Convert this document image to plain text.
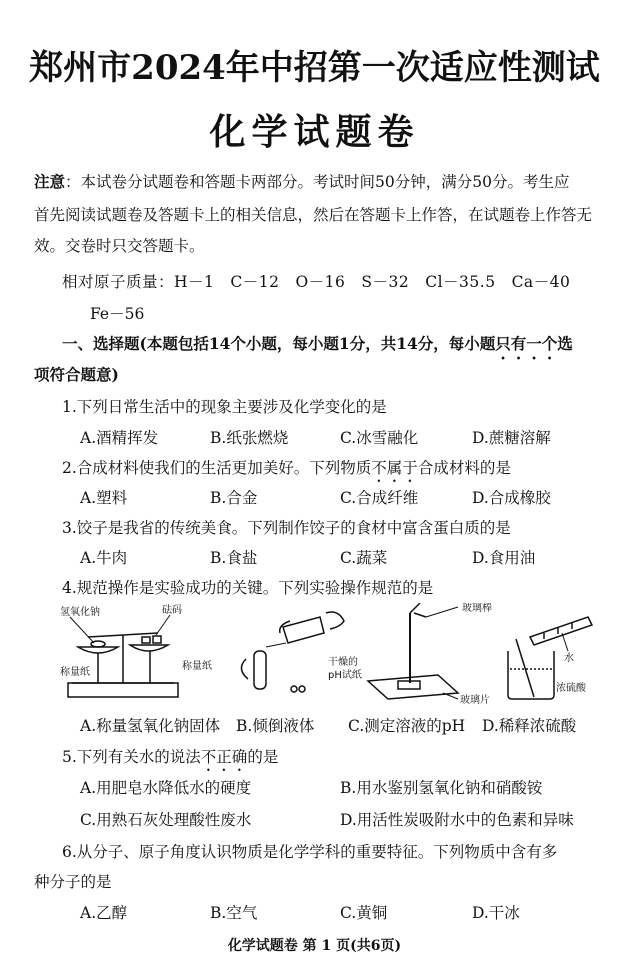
郑州市2024年中招第一次适应性测试
化学试题卷
注意：本试卷分试题卷和答题卡两部分。考试时间50分钟，满分50分。考生应
首先阅读试题卷及答题卡上的相关信息，然后在答题卡上作答，在试题卷上作答无
效。交卷时只交答题卡。
相对原子质量：H－1　C－12　O－16　S－32　Cl－35.5　Ca－40
Fe－56
一、选择题(本题包括14个小题，每小题1分，共14分，每小题只有一个选
项符合题意)
1.下列日常生活中的现象主要涉及化学变化的是
A.酒精挥发	B.纸张燃烧	C.冰雪融化	D.蔗糖溶解
2.合成材料使我们的生活更加美好。下列物质不属于合成材料的是
A.塑料	B.合金	C.合成纤维	D.合成橡胶
3.饺子是我省的传统美食。下列制作饺子的食材中富含蛋白质的是
A.牛肉	B.食盐	C.蔬菜	D.食用油
4.规范操作是实验成功的关键。下列实验操作规范的是
氢氧化钠	砝码
称量纸
称量纸
玻璃棒
干燥的
pH试纸
玻璃片
水
浓硫酸
A.称量氢氧化钠固体 B.倾倒液体 C.测定溶液的pH D.稀释浓硫酸
5.下列有关水的说法不正确的是
A.用肥皂水降低水的硬度	B.用水鉴别氢氧化钠和硝酸铵
C.用熟石灰处理酸性废水	D.用活性炭吸附水中的色素和异味
6.从分子、原子角度认识物质是化学学科的重要特征。下列物质中含有多
种分子的是
A.乙醇	B.空气	C.黄铜	D.干冰
化学试题卷 第 1 页(共6页)
